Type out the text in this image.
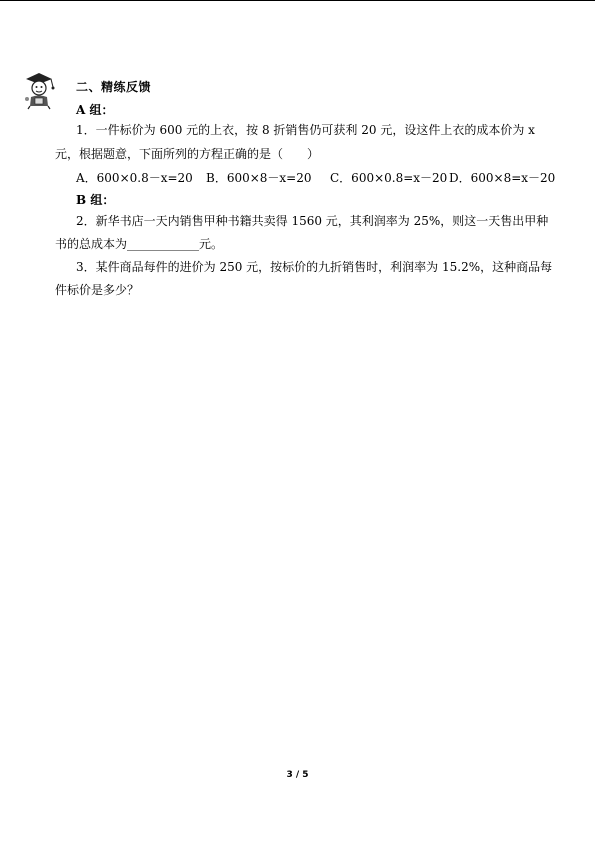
二、精练反馈
A 组：
1．一件标价为 600 元的上衣，按 8 折销售仍可获利 20 元，设这件上衣的成本价为 x
元，根据题意，下面所列的方程正确的是（　　）
A．600×0.8－x=20 B．600×8－x=20 C．600×0.8=x－20 D．600×8=x－20
B 组：
2．新华书店一天内销售甲种书籍共卖得 1560 元，其利润率为 25%，则这一天售出甲种
书的总成本为____________元。
3．某件商品每件的进价为 250 元，按标价的九折销售时，利润率为 15.2%，这种商品每
件标价是多少？
3 / 5
